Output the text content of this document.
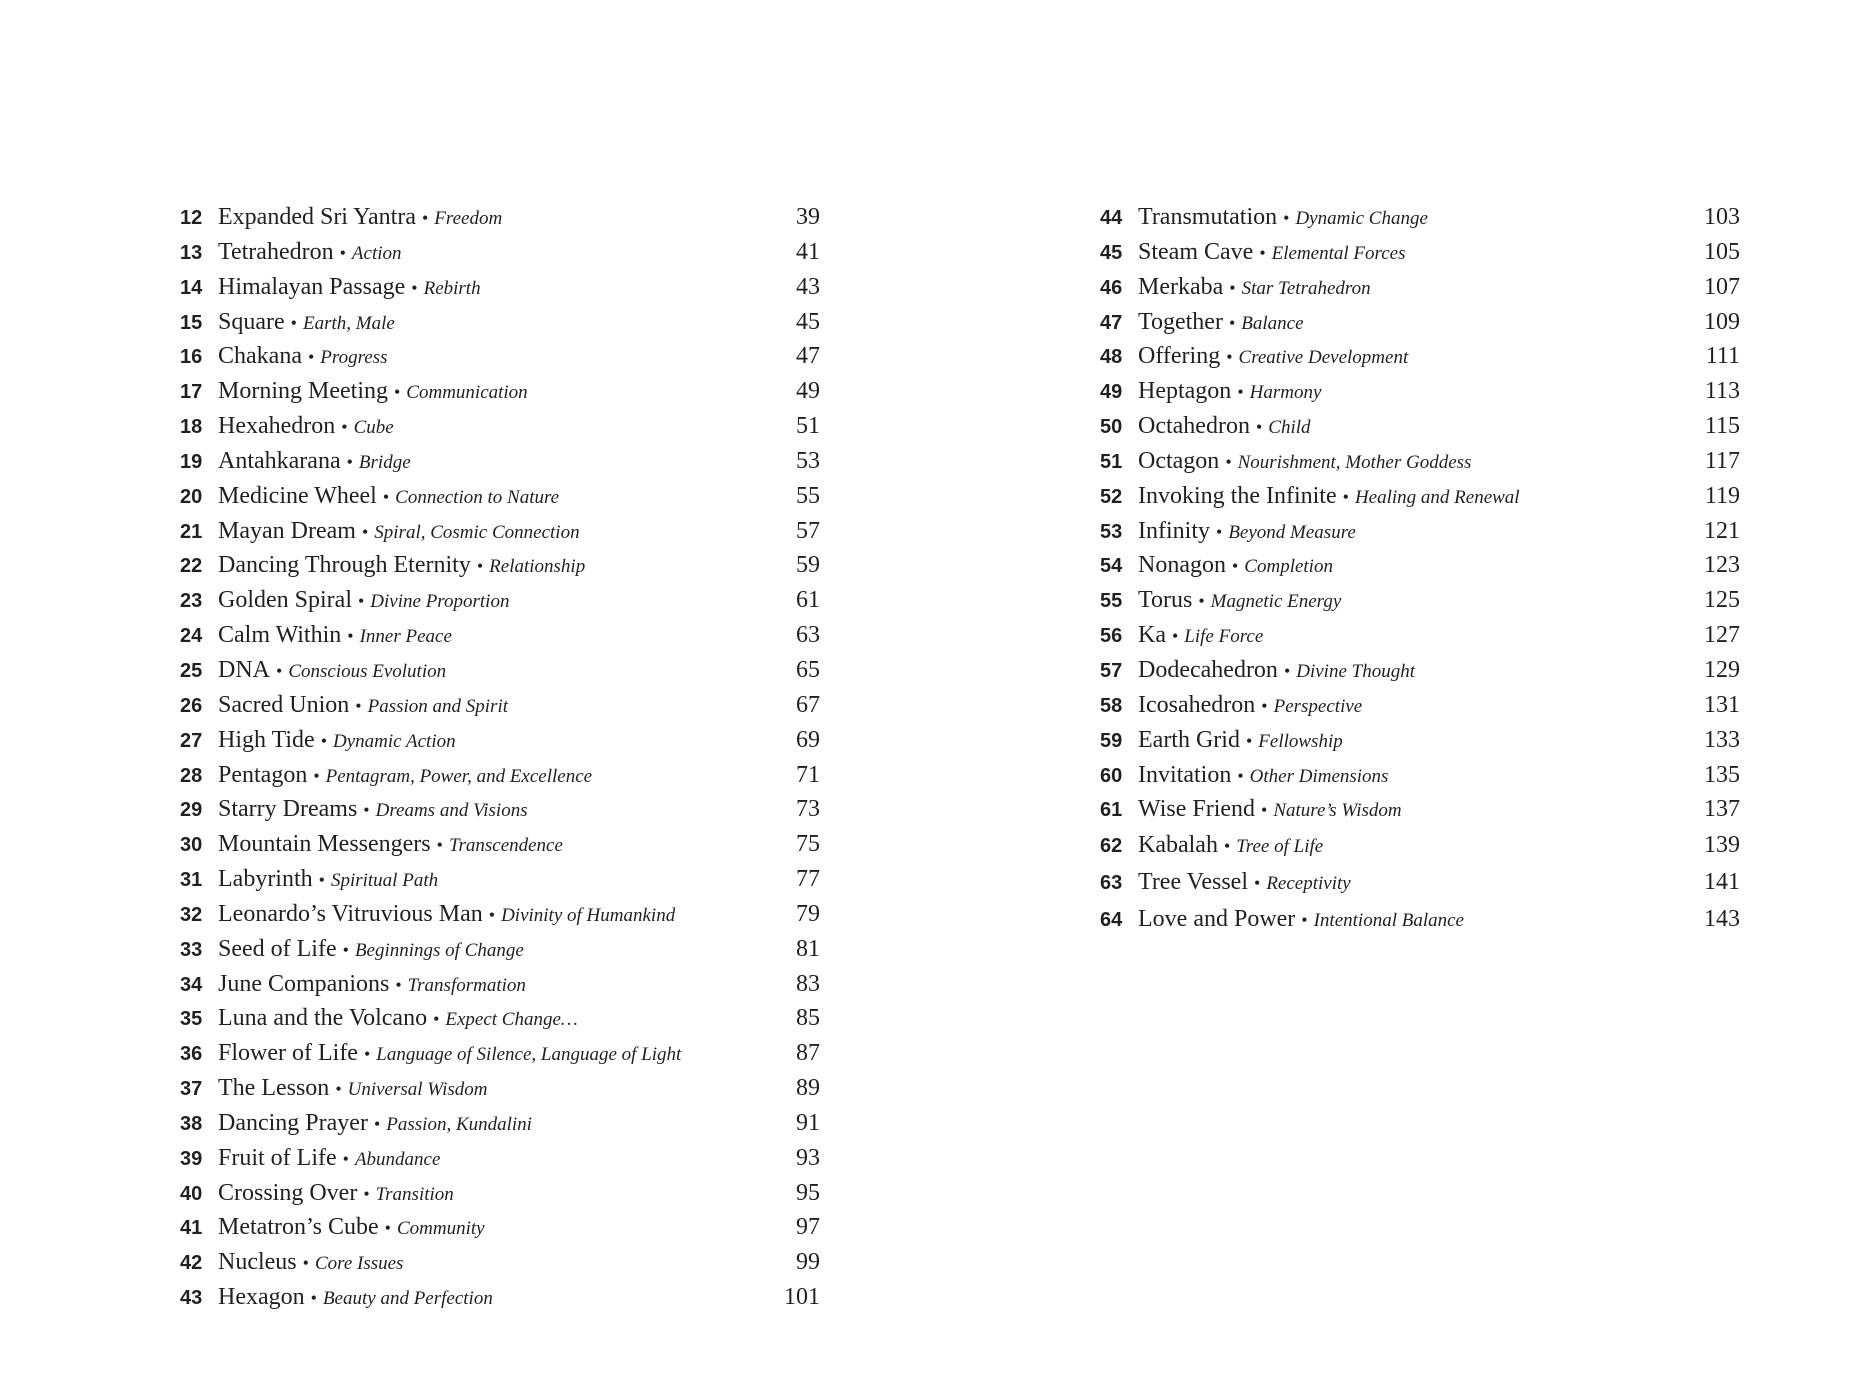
12 Expanded Sri Yantra • Freedom	39
13 Tetrahedron • Action	41
14 Himalayan Passage • Rebirth	43
15 Square • Earth, Male	45
16 Chakana • Progress	47
17 Morning Meeting • Communication	49
18 Hexahedron • Cube	51
19 Antahkarana • Bridge	53
20 Medicine Wheel • Connection to Nature	55
21 Mayan Dream • Spiral, Cosmic Connection	57
22 Dancing Through Eternity • Relationship	59
23 Golden Spiral • Divine Proportion	61
24 Calm Within • Inner Peace	63
25 DNA • Conscious Evolution	65
26 Sacred Union • Passion and Spirit	67
27 High Tide • Dynamic Action	69
28 Pentagon • Pentagram, Power, and Excellence	71
29 Starry Dreams • Dreams and Visions	73
30 Mountain Messengers • Transcendence	75
31 Labyrinth • Spiritual Path	77
32 Leonardo’s Vitruvious Man • Divinity of Humankind	79
33 Seed of Life • Beginnings of Change	81
34 June Companions • Transformation	83
35 Luna and the Volcano • Expect Change…	85
36 Flower of Life • Language of Silence, Language of Light	87
37 The Lesson • Universal Wisdom	89
38 Dancing Prayer • Passion, Kundalini	91
39 Fruit of Life • Abundance	93
40 Crossing Over • Transition	95
41 Metatron’s Cube • Community	97
42 Nucleus • Core Issues	99
43 Hexagon • Beauty and Perfection	101
44 Transmutation • Dynamic Change	103
45 Steam Cave • Elemental Forces	105
46 Merkaba • Star Tetrahedron	107
47 Together • Balance	109
48 Offering • Creative Development	111
49 Heptagon • Harmony	113
50 Octahedron • Child	115
51 Octagon • Nourishment, Mother Goddess	117
52 Invoking the Infinite • Healing and Renewal	119
53 Infinity • Beyond Measure	121
54 Nonagon • Completion	123
55 Torus • Magnetic Energy	125
56 Ka • Life Force	127
57 Dodecahedron • Divine Thought	129
58 Icosahedron • Perspective	131
59 Earth Grid • Fellowship	133
60 Invitation • Other Dimensions	135
61 Wise Friend • Nature’s Wisdom	137
62 Kabalah • Tree of Life	139
63 Tree Vessel • Receptivity	141
64 Love and Power • Intentional Balance	143
